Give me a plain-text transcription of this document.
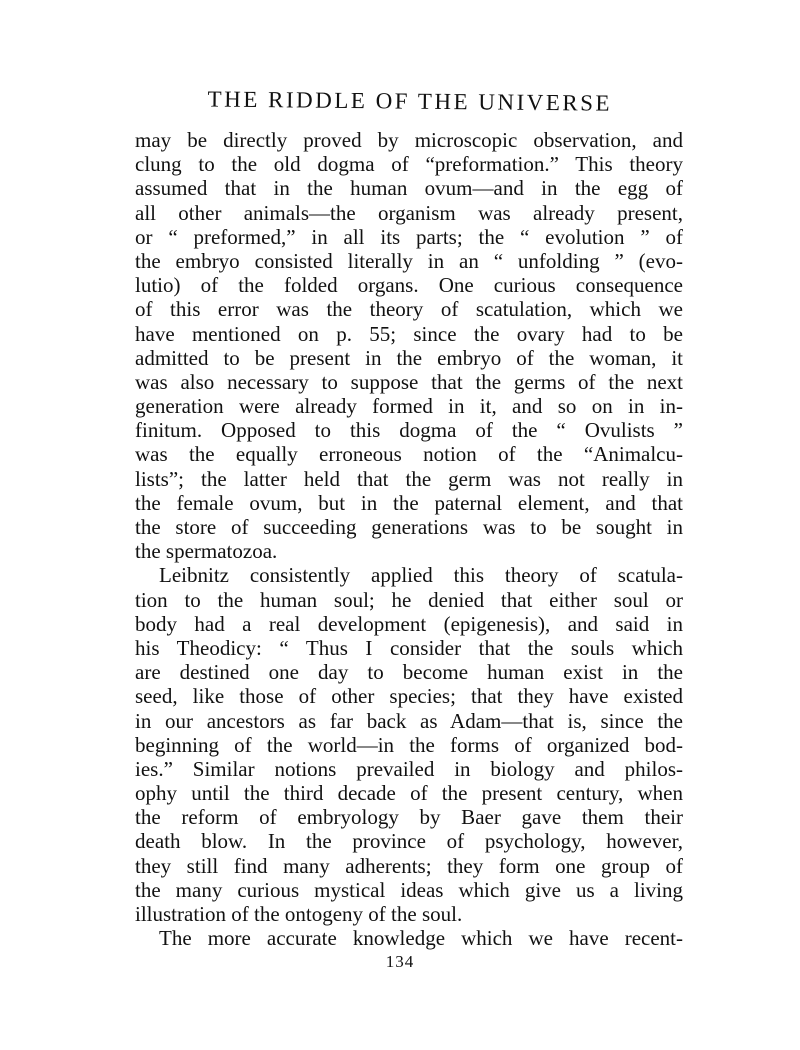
THE RIDDLE OF THE UNIVERSE
may be directly proved by microscopic observation, and
clung to the old dogma of “preformation.” This theory
assumed that in the human ovum—and in the egg of
all other animals—the organism was already present,
or “ preformed,” in all its parts; the “ evolution ” of
the embryo consisted literally in an “ unfolding ” (evo-
lutio) of the folded organs. One curious consequence
of this error was the theory of scatulation, which we
have mentioned on p. 55; since the ovary had to be
admitted to be present in the embryo of the woman, it
was also necessary to suppose that the germs of the next
generation were already formed in it, and so on in in-
finitum. Opposed to this dogma of the “ Ovulists ”
was the equally erroneous notion of the “Animalcu-
lists”; the latter held that the germ was not really in
the female ovum, but in the paternal element, and that
the store of succeeding generations was to be sought in
the spermatozoa.
Leibnitz consistently applied this theory of scatula-
tion to the human soul; he denied that either soul or
body had a real development (epigenesis), and said in
his Theodicy: “ Thus I consider that the souls which
are destined one day to become human exist in the
seed, like those of other species; that they have existed
in our ancestors as far back as Adam—that is, since the
beginning of the world—in the forms of organized bod-
ies.” Similar notions prevailed in biology and philos-
ophy until the third decade of the present century, when
the reform of embryology by Baer gave them their
death blow. In the province of psychology, however,
they still find many adherents; they form one group of
the many curious mystical ideas which give us a living
illustration of the ontogeny of the soul.
The more accurate knowledge which we have recent-
134
